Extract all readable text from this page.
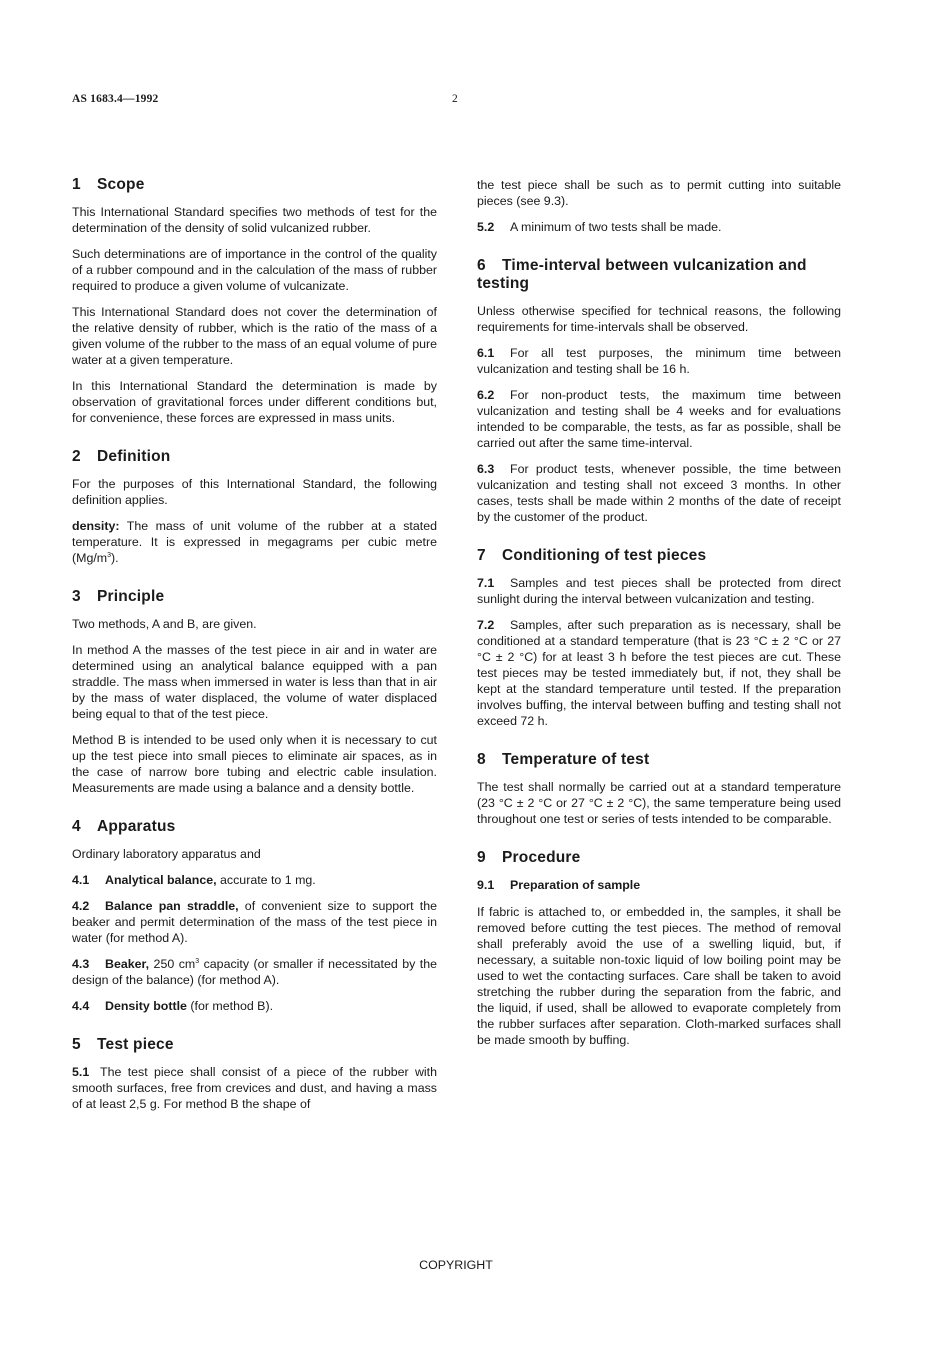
AS 1683.4—1992	2
1 Scope

This International Standard specifies two methods of test for the determination of the density of solid vulcanized rubber.

Such determinations are of importance in the control of the quality of a rubber compound and in the calculation of the mass of rubber required to produce a given volume of vulcanizate.

This International Standard does not cover the determination of the relative density of rubber, which is the ratio of the mass of a given volume of the rubber to the mass of an equal volume of pure water at a given temperature.

In this International Standard the determination is made by observation of gravitational forces under different conditions but, for convenience, these forces are expressed in mass units.

2 Definition

For the purposes of this International Standard, the following definition applies.

density: The mass of unit volume of the rubber at a stated temperature. It is expressed in megagrams per cubic metre $(Mg/m^3)$.

3 Principle

Two methods, A and B, are given.

In method A the masses of the test piece in air and in water are determined using an analytical balance equipped with a pan straddle. The mass when immersed in water is less than that in air by the mass of water displaced, the volume of water displaced being equal to that of the test piece.

Method B is intended to be used only when it is necessary to cut up the test piece into small pieces to eliminate air spaces, as in the case of narrow bore tubing and electric cable insulation. Measurements are made using a balance and a density bottle.

4 Apparatus

Ordinary laboratory apparatus and

4.1 Analytical balance, accurate to 1 mg.

4.2 Balance pan straddle, of convenient size to support the beaker and permit determination of the mass of the test piece in water (for method A).

4.3 Beaker, 250 $cm^3$ capacity (or smaller if necessitated by the design of the balance) (for method A).

4.4 Density bottle (for method B).

5 Test piece

5.1 The test piece shall consist of a piece of the rubber with smooth surfaces, free from crevices and dust, and having a mass of at least 2,5 g. For method B the shape of

the test piece shall be such as to permit cutting into suitable pieces (see 9.3).

5.2 A minimum of two tests shall be made.

6 Time-interval between vulcanization and testing

Unless otherwise specified for technical reasons, the following requirements for time-intervals shall be observed.

6.1 For all test purposes, the minimum time between vulcanization and testing shall be 16 h.

6.2 For non-product tests, the maximum time between vulcanization and testing shall be 4 weeks and for evaluations intended to be comparable, the tests, as far as possible, shall be carried out after the same time-interval.

6.3 For product tests, whenever possible, the time between vulcanization and testing shall not exceed 3 months. In other cases, tests shall be made within 2 months of the date of receipt by the customer of the product.

7 Conditioning of test pieces

7.1 Samples and test pieces shall be protected from direct sunlight during the interval between vulcanization and testing.

7.2 Samples, after such preparation as is necessary, shall be conditioned at a standard temperature (that is 23 °C ± 2 °C or 27 °C ± 2 °C) for at least 3 h before the test pieces are cut. These test pieces may be tested immediately but, if not, they shall be kept at the standard temperature until tested. If the preparation involves buffing, the interval between buffing and testing shall not exceed 72 h.

8 Temperature of test

The test shall normally be carried out at a standard temperature (23 °C ± 2 °C or 27 °C ± 2 °C), the same temperature being used throughout one test or series of tests intended to be comparable.

9 Procedure
9.1 Preparation of sample

If fabric is attached to, or embedded in, the samples, it shall be removed before cutting the test pieces. The method of removal shall preferably avoid the use of a swelling liquid, but, if necessary, a suitable non-toxic liquid of low boiling point may be used to wet the contacting surfaces. Care shall be taken to avoid stretching the rubber during the separation from the fabric, and the liquid, if used, shall be allowed to evaporate completely from the rubber surfaces after separation. Cloth-marked surfaces shall be made smooth by buffing.

COPYRIGHT
